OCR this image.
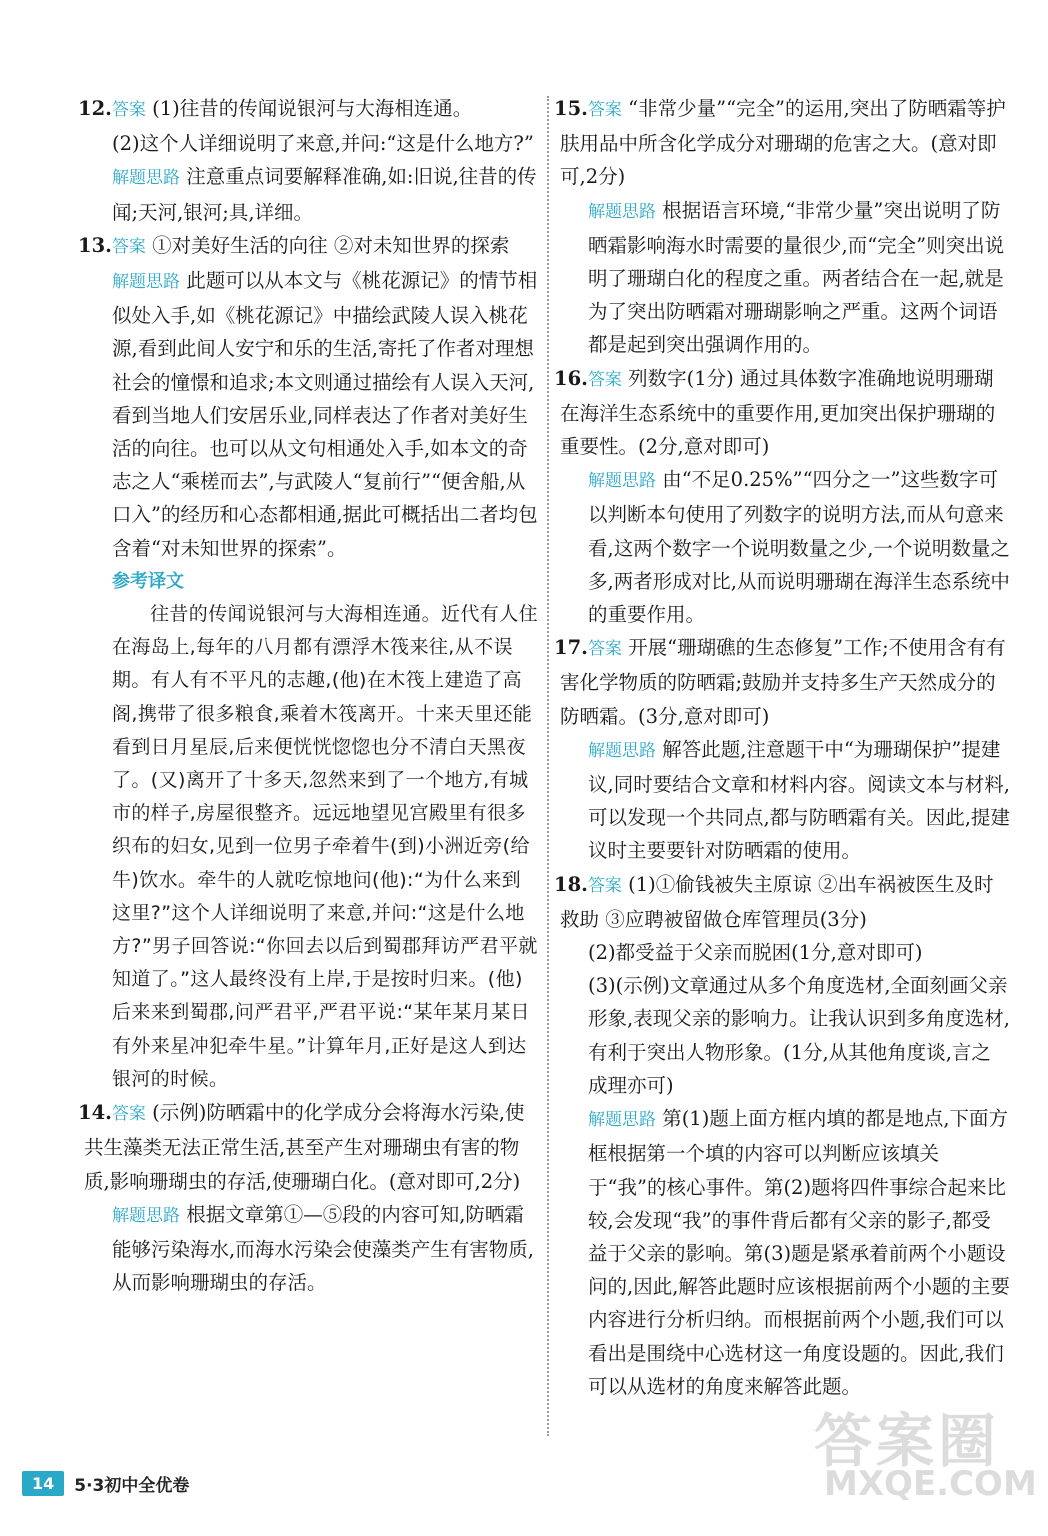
12.答案 (1)往昔的传闻说银河与大海相连通。

(2)这个人详细说明了来意,并问:“这是什么地方?”

解题思路 注意重点词要解释准确,如:旧说,往昔的传闻;天河,银河;具,详细。

13.答案 ①对美好生活的向往 ②对未知世界的探索

解题思路 此题可以从本文与《桃花源记》的情节相似处入手,如《桃花源记》中描绘武陵人误入桃花源,看到此间人安宁和乐的生活,寄托了作者对理想社会的憧憬和追求;本文则通过描绘有人误入天河,看到当地人们安居乐业,同样表达了作者对美好生活的向往。也可以从文句相通处入手,如本文的奇志之人“乘槎而去”,与武陵人“复前行”“便舍船,从口入”的经历和心态都相通,据此可概括出二者均包含着“对未知世界的探索”。

参考译文

往昔的传闻说银河与大海相连通。近代有人住在海岛上,每年的八月都有漂浮木筏来往,从不误期。有人有不平凡的志趣,(他)在木筏上建造了高阁,携带了很多粮食,乘着木筏离开。十来天里还能看到日月星辰,后来便恍恍惚惚也分不清白天黑夜了。(又)离开了十多天,忽然来到了一个地方,有城市的样子,房屋很整齐。远远地望见宫殿里有很多织布的妇女,见到一位男子牵着牛(到)小洲近旁(给牛)饮水。牵牛的人就吃惊地问(他):“为什么来到这里?”这个人详细说明了来意,并问:“这是什么地方?”男子回答说:“你回去以后到蜀郡拜访严君平就知道了。”这人最终没有上岸,于是按时归来。(他)后来来到蜀郡,问严君平,严君平说:“某年某月某日有外来星冲犯牵牛星。”计算年月,正好是这人到达银河的时候。

14.答案 (示例)防晒霜中的化学成分会将海水污染,使共生藻类无法正常生活,甚至产生对珊瑚虫有害的物质,影响珊瑚虫的存活,使珊瑚白化。(意对即可,2分)

解题思路 根据文章第①—⑤段的内容可知,防晒霜能够污染海水,而海水污染会使藻类产生有害物质,从而影响珊瑚虫的存活。

15.答案 “非常少量”“完全”的运用,突出了防晒霜等护肤用品中所含化学成分对珊瑚的危害之大。(意对即可,2分)

解题思路 根据语言环境,“非常少量”突出说明了防晒霜影响海水时需要的量很少,而“完全”则突出说明了珊瑚白化的程度之重。两者结合在一起,就是为了突出防晒霜对珊瑚影响之严重。这两个词语都是起到突出强调作用的。

16.答案 列数字(1分) 通过具体数字准确地说明珊瑚在海洋生态系统中的重要作用,更加突出保护珊瑚的重要性。(2分,意对即可)

解题思路 由“不足0.25%”“四分之一”这些数字可以判断本句使用了列数字的说明方法,而从句意来看,这两个数字一个说明数量之少,一个说明数量之多,两者形成对比,从而说明珊瑚在海洋生态系统中的重要作用。

17.答案 开展“珊瑚礁的生态修复”工作;不使用含有有害化学物质的防晒霜;鼓励并支持多生产天然成分的防晒霜。(3分,意对即可)

解题思路 解答此题,注意题干中“为珊瑚保护”提建议,同时要结合文章和材料内容。阅读文本与材料,可以发现一个共同点,都与防晒霜有关。因此,提建议时主要要针对防晒霜的使用。

18.答案 (1)①偷钱被失主原谅 ②出车祸被医生及时救助 ③应聘被留做仓库管理员(3分)

(2)都受益于父亲而脱困(1分,意对即可)

(3)(示例)文章通过从多个角度选材,全面刻画父亲形象,表现父亲的影响力。让我认识到多角度选材,有利于突出人物形象。(1分,从其他角度谈,言之成理亦可)

解题思路 第(1)题上面方框内填的都是地点,下面方框根据第一个填的内容可以判断应该填关于“我”的核心事件。第(2)题将四件事综合起来比较,会发现“我”的事件背后都有父亲的影子,都受益于父亲的影响。第(3)题是紧承着前两个小题设问的,因此,解答此题时应该根据前两个小题的主要内容进行分析归纳。而根据前两个小题,我们可以看出是围绕中心选材这一角度设题的。因此,我们可以从选材的角度来解答此题。

14	5·3初中全优卷
答案圈
MXQE.COM
